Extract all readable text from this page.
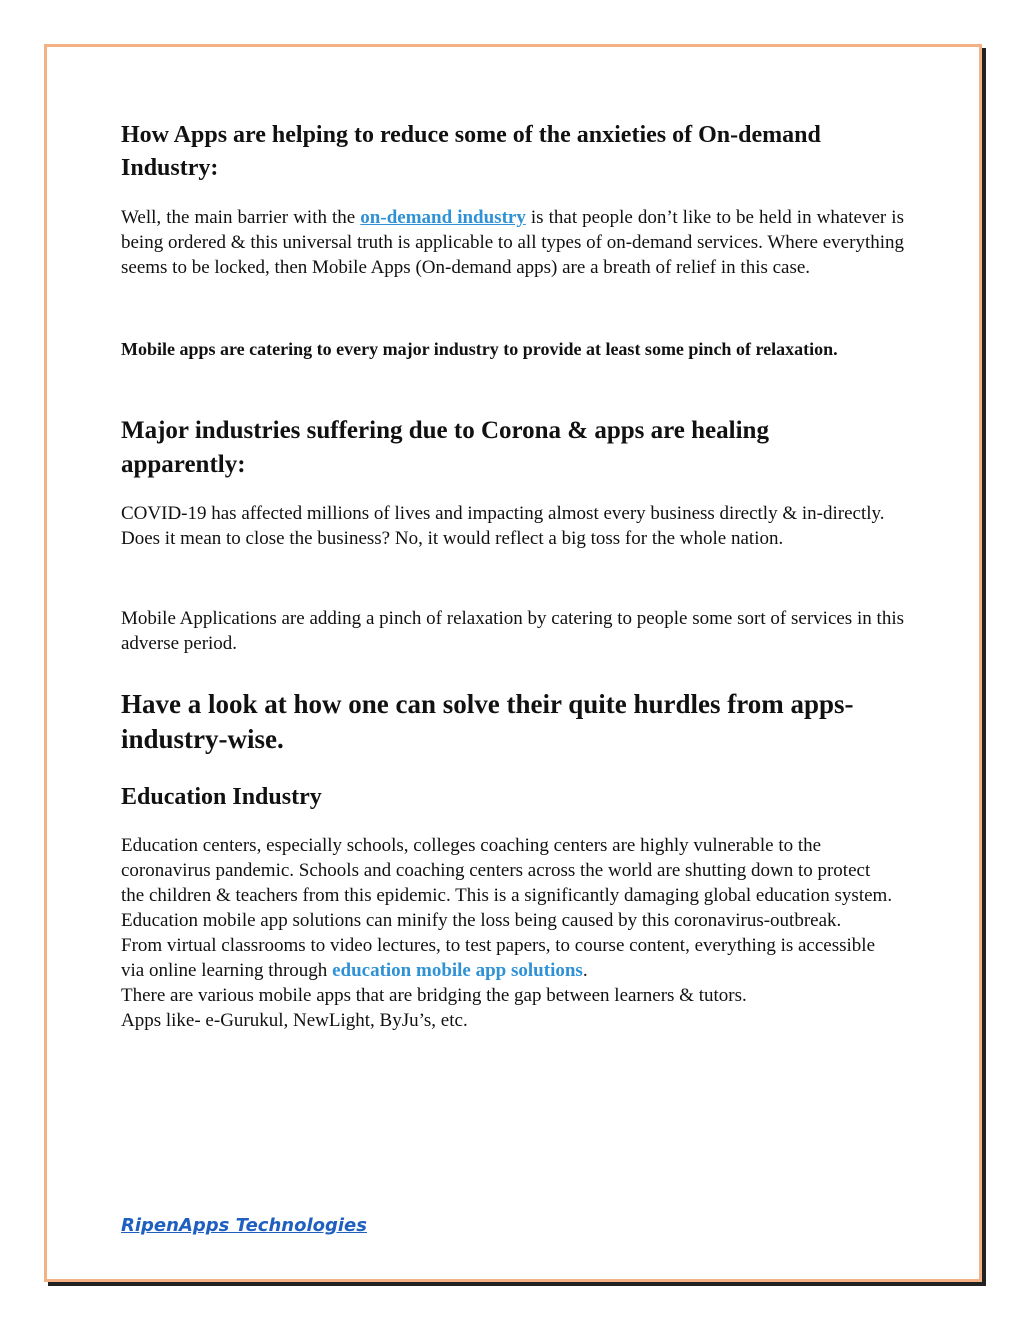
How Apps are helping to reduce some of the anxieties of On-demand Industry:

Well, the main barrier with the on-demand industry is that people don’t like to be held in whatever is being ordered & this universal truth is applicable to all types of on-demand services. Where everything seems to be locked, then Mobile Apps (On-demand apps) are a breath of relief in this case.

Mobile apps are catering to every major industry to provide at least some pinch of relaxation.

Major industries suffering due to Corona & apps are healing apparently:

COVID-19 has affected millions of lives and impacting almost every business directly & in-directly.
Does it mean to close the business? No, it would reflect a big toss for the whole nation.

Mobile Applications are adding a pinch of relaxation by catering to people some sort of services in this adverse period.

Have a look at how one can solve their quite hurdles from apps-industry-wise.
Education Industry

Education centers, especially schools, colleges coaching centers are highly vulnerable to the coronavirus pandemic. Schools and coaching centers across the world are shutting down to protect the children & teachers from this epidemic. This is a significantly damaging global education system.
Education mobile app solutions can minify the loss being caused by this coronavirus-outbreak.
From virtual classrooms to video lectures, to test papers, to course content, everything is accessible via online learning through education mobile app solutions.
There are various mobile apps that are bridging the gap between learners & tutors.
Apps like- e-Gurukul, NewLight, ByJu’s, etc.

RipenApps Technologies
